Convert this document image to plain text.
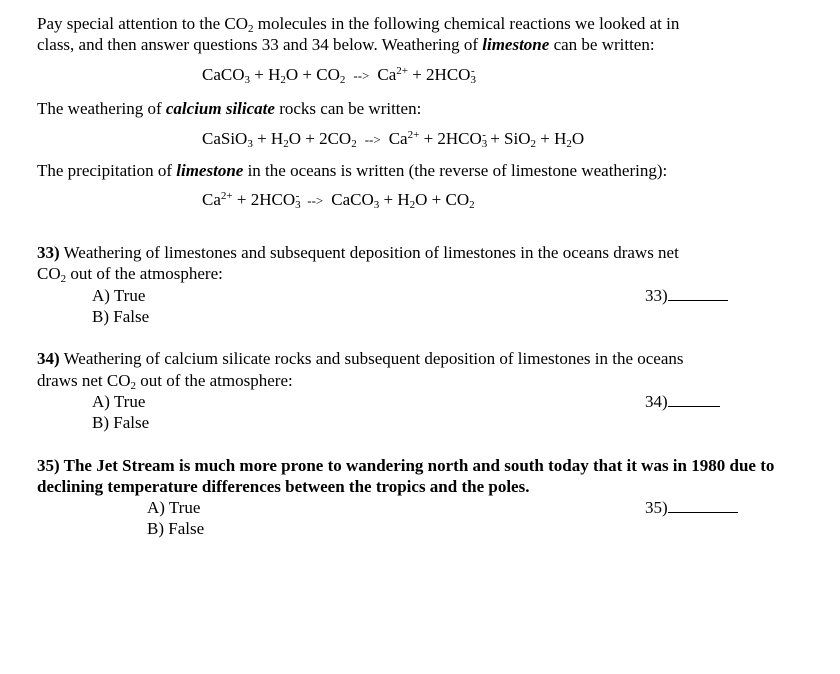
Pay special attention to the $CO_2$ molecules in the following chemical reactions we looked at in
class, and then answer questions 33 and 34 below. Weathering of limestone can be written:
CaCO$_3$ + $H_2O + CO_2$ --> $Ca^{2+} + 2HCO_3^-$
The weathering of calcium silicate rocks can be written:
CaSiO$_3$ + $H_2O + 2CO_2$ --> $Ca^{2+} + 2HCO_3^- + SiO_2 + H_2O$
The precipitation of limestone in the oceans is written (the reverse of limestone weathering):
$Ca^{2+} + 2HCO_3^-$ --> CaCO$_3$ + $H_2O + CO_2$
33) Weathering of limestones and subsequent deposition of limestones in the oceans draws net
$CO_2$ out of the atmosphere:
A) True
B) False
33)
34) Weathering of calcium silicate rocks and subsequent deposition of limestones in the oceans
draws net $CO_2$ out of the atmosphere:
A) True
B) False
34)
35) The Jet Stream is much more prone to wandering north and south today that it was in 1980 due to
declining temperature differences between the tropics and the poles.
A) True
B) False
35)
